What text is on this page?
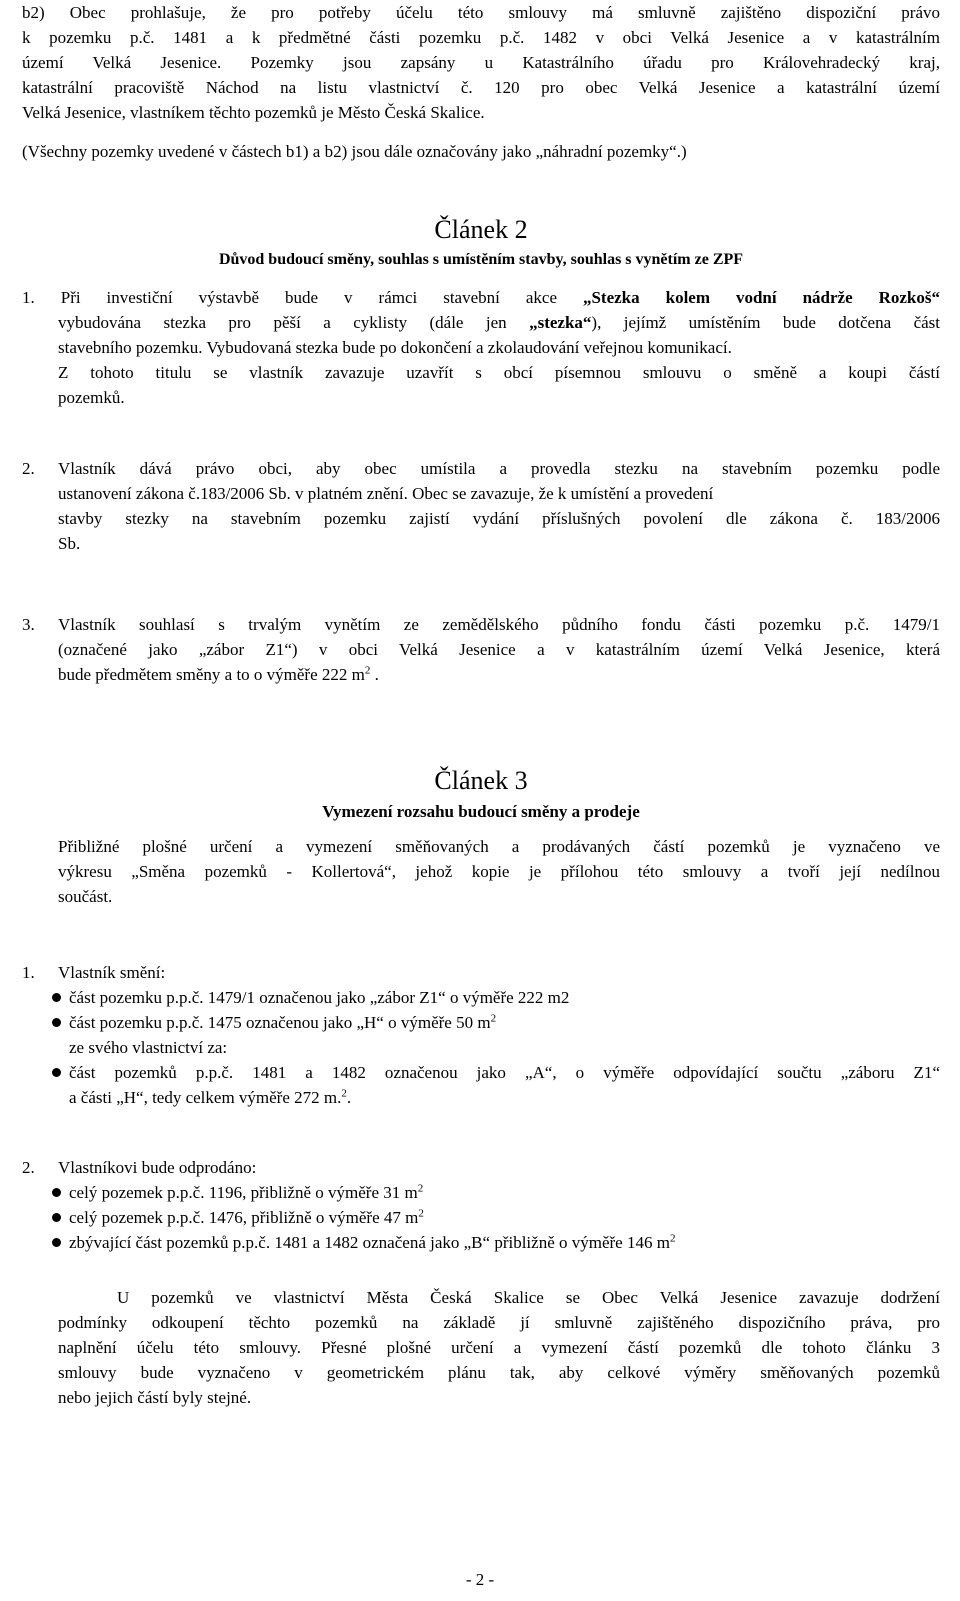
b2) Obec prohlašuje, že pro potřeby účelu této smlouvy má smluvně zajištěno dispoziční právo
k pozemku p.č. 1481 a k předmětné části pozemku p.č. 1482 v obci Velká Jesenice a v katastrálním
území Velká Jesenice. Pozemky jsou zapsány u Katastrálního úřadu pro Královehradecký kraj,
katastrální pracoviště Náchod na listu vlastnictví č. 120 pro obec Velká Jesenice a katastrální území
Velká Jesenice, vlastníkem těchto pozemků je Město Česká Skalice.
(Všechny pozemky uvedené v částech b1) a b2) jsou dále označovány jako „náhradní pozemky“.)
Článek 2
Důvod budoucí směny, souhlas s umístěním stavby, souhlas s vynětím ze ZPF
1. Při investiční výstavbě bude v rámci stavební akce „Stezka kolem vodní nádrže Rozkoš“
vybudována stezka pro pěší a cyklisty (dále jen „stezka“), jejímž umístěním bude dotčena část
stavebního pozemku. Vybudovaná stezka bude po dokončení a zkolaudování veřejnou komunikací.
Z tohoto titulu se vlastník zavazuje uzavřít s obcí písemnou smlouvu o směně a koupi částí
pozemků.
2. Vlastník dává právo obci, aby obec umístila a provedla stezku na stavebním pozemku podle
ustanovení zákona č.183/2006 Sb. v platném znění. Obec se zavazuje, že k umístění a provedení
stavby stezky na stavebním pozemku zajistí vydání příslušných povolení dle zákona č. 183/2006
Sb.
3. Vlastník souhlasí s trvalým vynětím ze zemědělského půdního fondu části pozemku p.č. 1479/1
(označené jako „zábor Z1“) v obci Velká Jesenice a v katastrálním území Velká Jesenice, která
bude předmětem směny a to o výměře 222 $m^2$ .
Článek 3
Vymezení rozsahu budoucí směny a prodeje
Přibližné plošné určení a vymezení směňovaných a prodávaných částí pozemků je vyznačeno ve
výkresu „Směna pozemků - Kollertová“, jehož kopie je přílohou této smlouvy a tvoří její nedílnou
součást.
1. Vlastník smění:
část pozemku p.p.č. 1479/1 označenou jako „zábor Z1“ o výměře 222 m2
část pozemku p.p.č. 1475 označenou jako „H“ o výměře 50 $m^2$
ze svého vlastnictví za:
část pozemků p.p.č. 1481 a 1482 označenou jako „A“, o výměře odpovídající součtu „záboru Z1“
a části „H“, tedy celkem výměře 272 m.$^2$.
2. Vlastníkovi bude odprodáno:
celý pozemek p.p.č. 1196, přibližně o výměře 31 $m^2$
celý pozemek p.p.č. 1476, přibližně o výměře 47 $m^2$
zbývající část pozemků p.p.č. 1481 a 1482 označená jako „B“ přibližně o výměře 146 $m^2$
U pozemků ve vlastnictví Města Česká Skalice se Obec Velká Jesenice zavazuje dodržení
podmínky odkoupení těchto pozemků na základě jí smluvně zajištěného dispozičního práva, pro
naplnění účelu této smlouvy. Přesné plošné určení a vymezení částí pozemků dle tohoto článku 3
smlouvy bude vyznačeno v geometrickém plánu tak, aby celkové výměry směňovaných pozemků
nebo jejich částí byly stejné.
- 2 -
